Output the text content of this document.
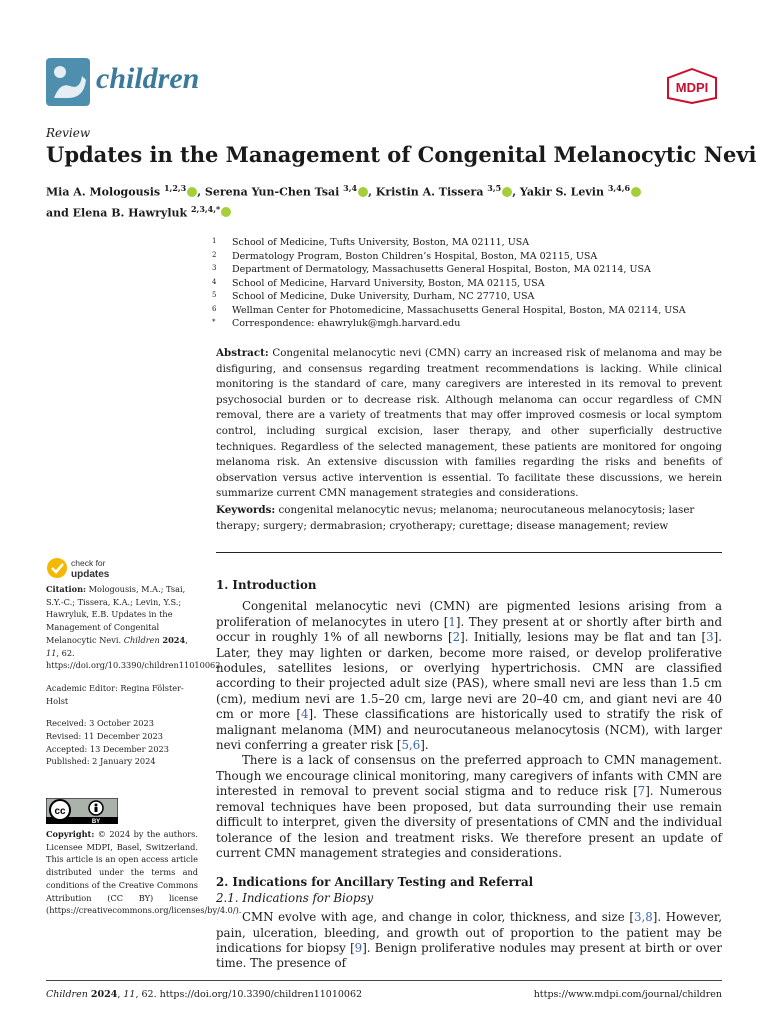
children	MDPI
Review
Updates in the Management of Congenital Melanocytic Nevi
Mia A. Mologousis $^{1,2,3}$ , Serena Yun-Chen Tsai $^{3,4}$ , Kristin A. Tissera $^{3,5}$ , Yakir S. Levin $^{3,4,6}$
and Elena B. Hawryluk $^{2,3,4,*}$
1	School of Medicine, Tufts University, Boston, MA 02111, USA
2	Dermatology Program, Boston Children’s Hospital, Boston, MA 02115, USA
3	Department of Dermatology, Massachusetts General Hospital, Boston, MA 02114, USA
4	School of Medicine, Harvard University, Boston, MA 02115, USA
5	School of Medicine, Duke University, Durham, NC 27710, USA
6	Wellman Center for Photomedicine, Massachusetts General Hospital, Boston, MA 02114, USA
*	Correspondence: ehawryluk@mgh.harvard.edu
Abstract: Congenital melanocytic nevi (CMN) carry an increased risk of melanoma and may be disfiguring, and consensus regarding treatment recommendations is lacking. While clinical monitoring is the standard of care, many caregivers are interested in its removal to prevent psychosocial burden or to decrease risk. Although melanoma can occur regardless of CMN removal, there are a variety of treatments that may offer improved cosmesis or local symptom control, including surgical excision, laser therapy, and other superficially destructive techniques. Regardless of the selected management, these patients are monitored for ongoing melanoma risk. An extensive discussion with families regarding the risks and benefits of observation versus active intervention is essential. To facilitate these discussions, we herein summarize current CMN management strategies and considerations.
Keywords: congenital melanocytic nevus; melanoma; neurocutaneous melanocytosis; laser therapy; surgery; dermabrasion; cryotherapy; curettage; disease management; review
check for
updates
Citation: Mologousis, M.A.; Tsai, S.Y.-C.; Tissera, K.A.; Levin, Y.S.; Hawryluk, E.B. Updates in the Management of Congenital Melanocytic Nevi. Children 2024, 11, 62. https://doi.org/10.3390/children11010062
Academic Editor: Regina Fölster-Holst
Received: 3 October 2023
Revised: 11 December 2023
Accepted: 13 December 2023
Published: 2 January 2024
cc
BY
Copyright: © 2024 by the authors. Licensee MDPI, Basel, Switzerland. This article is an open access article distributed under the terms and conditions of the Creative Commons Attribution (CC BY) license (https://creativecommons.org/licenses/by/4.0/).
1. Introduction

Congenital melanocytic nevi (CMN) are pigmented lesions arising from a proliferation of melanocytes in utero [1]. They present at or shortly after birth and occur in roughly 1% of all newborns [2]. Initially, lesions may be flat and tan [3]. Later, they may lighten or darken, become more raised, or develop proliferative nodules, satellites lesions, or overlying hypertrichosis. CMN are classified according to their projected adult size (PAS), where small nevi are less than 1.5 cm (cm), medium nevi are 1.5–20 cm, large nevi are 20–40 cm, and giant nevi are 40 cm or more [4]. These classifications are historically used to stratify the risk of malignant melanoma (MM) and neurocutaneous melanocytosis (NCM), with larger nevi conferring a greater risk [5,6].

There is a lack of consensus on the preferred approach to CMN management. Though we encourage clinical monitoring, many caregivers of infants with CMN are interested in removal to prevent social stigma and to reduce risk [7]. Numerous removal techniques have been proposed, but data surrounding their use remain difficult to interpret, given the diversity of presentations of CMN and the individual tolerance of the lesion and treatment risks. We therefore present an update of current CMN management strategies and considerations.

2. Indications for Ancillary Testing and Referral
2.1. Indications for Biopsy

CMN evolve with age, and change in color, thickness, and size [3,8]. However, pain, ulceration, bleeding, and growth out of proportion to the patient may be indications for biopsy [9]. Benign proliferative nodules may present at birth or over time. The presence of

Children 2024, 11, 62. https://doi.org/10.3390/children11010062	https://www.mdpi.com/journal/children
